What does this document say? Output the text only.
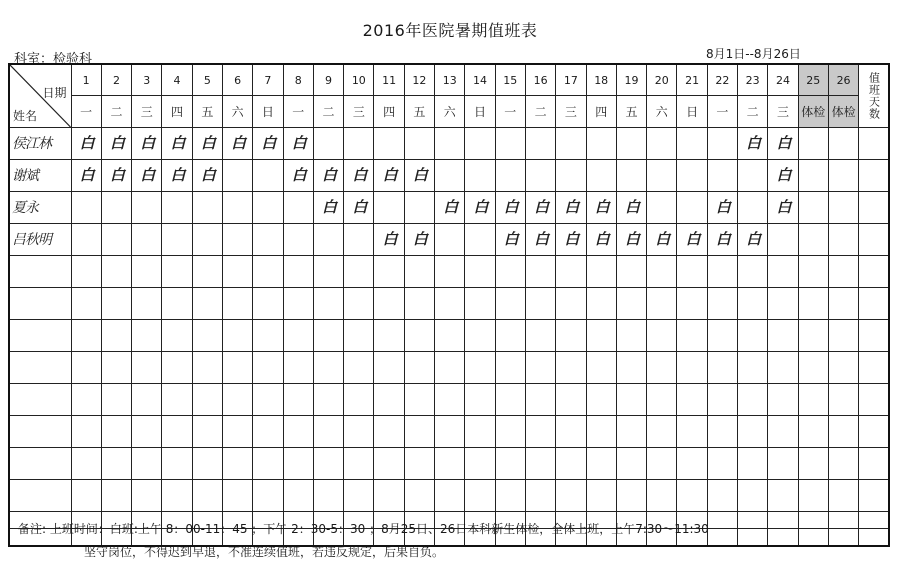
2016年医院暑期值班表
科室：检验科	8月1日--8月26日
日期
姓名	1	2	3	4	5	6	7	8	9	10	11	12	13	14	15	16	17	18	19	20	21	22	23	24	25	26	值班天数
	一	二	三	四	五	六	日	一	二	三	四	五	六	日	一	二	三	四	五	六	日	一	二	三	体检	体检	

侯江林	白	白	白	白	白	白	白	白															白	白			

谢斌	白	白	白	白	白			白	白	白	白	白												白			

夏永									白	白			白	白	白	白	白	白	白			白		白			

吕秋明											白	白			白	白	白	白	白	白	白	白	白				

备注: 上班时间：白班:上午 8：00-11：45 ；下午 2：30-5：30 ；8月25日、26日本科新生体检，全体上班，上午7:30～11:30
坚守岗位，不得迟到早退，不准连续值班，若违反规定，后果自负。
